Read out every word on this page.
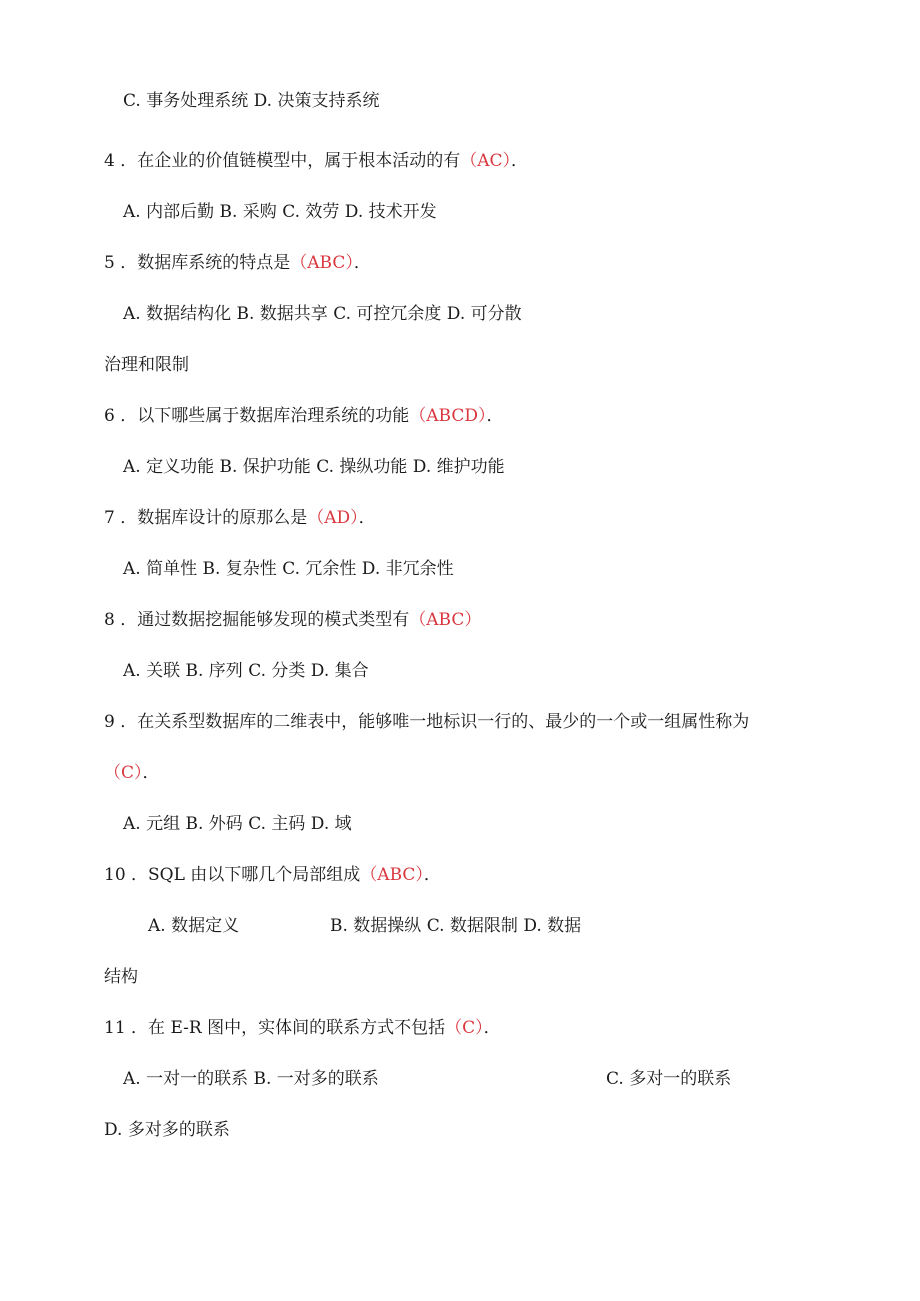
C. 事务处理系统 D. 决策支持系统
4 ．在企业的价值链模型中，属于根本活动的有（AC）．
A. 内部后勤 B. 采购 C. 效劳 D. 技术开发
5 ．数据库系统的特点是（ABC）．
A. 数据结构化 B. 数据共享 C. 可控冗余度 D. 可分散
治理和限制
6 ．以下哪些属于数据库治理系统的功能（ABCD）．
A. 定义功能 B. 保护功能 C. 操纵功能 D. 维护功能
7 ．数据库设计的原那么是（AD）．
A. 简单性 B. 复杂性 C. 冗余性 D. 非冗余性
8 ．通过数据挖掘能够发现的模式类型有（ABC）
A. 关联 B. 序列 C. 分类 D. 集合
9 ．在关系型数据库的二维表中，能够唯一地标识一行的、最少的一个或一组属性称为
（C）．
A. 元组 B. 外码 C. 主码 D. 域
10 ．SQL 由以下哪几个局部组成（ABC）．
A. 数据定义	B. 数据操纵 C. 数据限制 D. 数据
结构
11 ．在 E-R 图中，实体间的联系方式不包括（C）．
A. 一对一的联系 B. 一对多的联系	C. 多对一的联系
D. 多对多的联系
